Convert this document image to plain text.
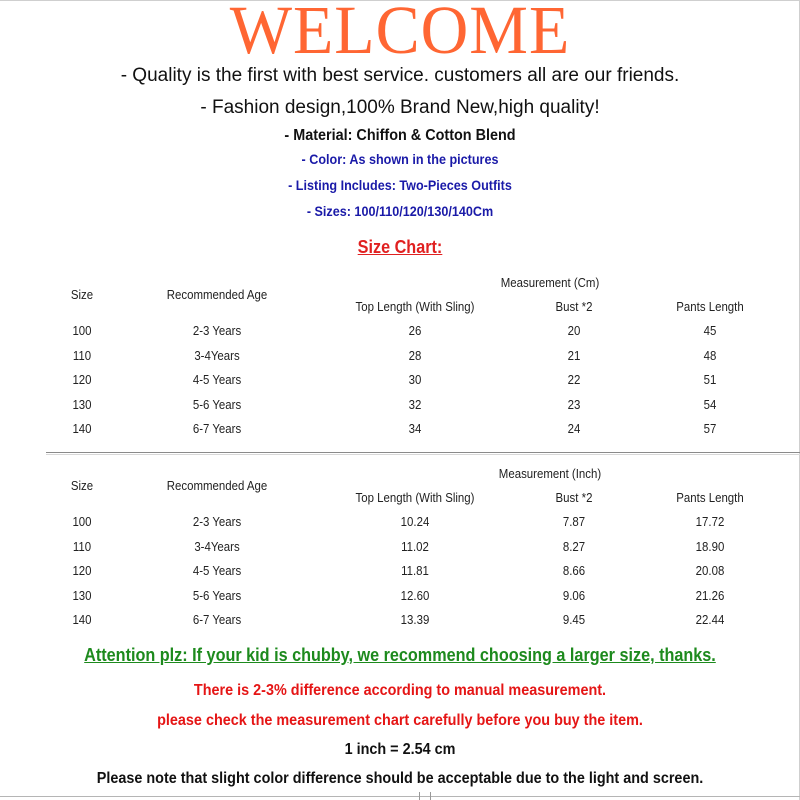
WELCOME
- Quality is the first with best service. customers all are our friends.
- Fashion design,100% Brand New,high quality!
- Material: Chiffon & Cotton Blend
- Color: As shown in the pictures
- Listing Includes: Two-Pieces Outfits
- Sizes: 100/110/120/130/140Cm
Size Chart:
Measurement (Cm)
Size	Recommended Age
Top Length (With Sling)	Bust *2	Pants Length
100	2-3 Years	26	20	45
110	3-4Years	28	21	48
120	4-5 Years	30	22	51
130	5-6 Years	32	23	54
140	6-7 Years	34	24	57
Measurement (Inch)
Size	Recommended Age
Top Length (With Sling)	Bust *2	Pants Length
100	2-3 Years	10.24	7.87	17.72
110	3-4Years	11.02	8.27	18.90
120	4-5 Years	11.81	8.66	20.08
130	5-6 Years	12.60	9.06	21.26
140	6-7 Years	13.39	9.45	22.44
Attention plz: If your kid is chubby, we recommend choosing a larger size, thanks.
There is 2-3% difference according to manual measurement.
please check the measurement chart carefully before you buy the item.
1 inch = 2.54 cm
Please note that slight color difference should be acceptable due to the light and screen.
